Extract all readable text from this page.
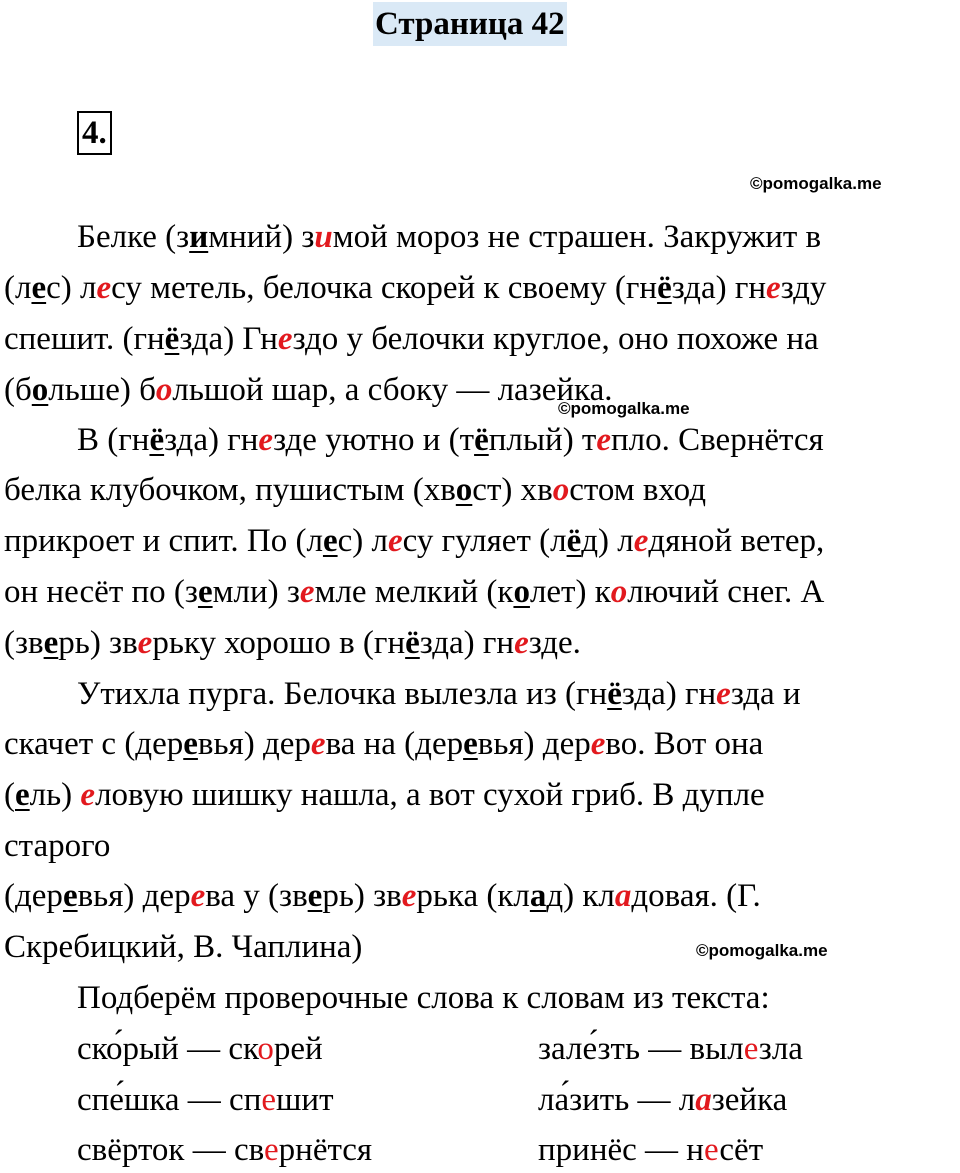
Страница 42
4.
©pomogalka.me
©pomogalka.me
©pomogalka.me
Белке (зимний) зимой мороз не страшен. Закружит в
(лес) лесу метель, белочка скорей к своему (гнёзда) гнезду
спешит. (гнёзда) Гнездо у белочки круглое, оно похоже на
(больше) большой шар, а сбоку — лазейка.
В (гнёзда) гнезде уютно и (тёплый) тепло. Свернётся
белка клубочком, пушистым (хвост) хвостом вход
прикроет и спит. По (лес) лесу гуляет (лёд) ледяной ветер,
он несёт по (земли) земле мелкий (колет) колючий снег. А
(зверь) зверьку хорошо в (гнёзда) гнезде.
Утихла пурга. Белочка вылезла из (гнёзда) гнезда и
скачет с (деревья) дерева на (деревья) дерево. Вот она
(ель) еловую шишку нашла, а вот сухой гриб. В дупле
старого
(деревья) дерева у (зверь) зверька (клад) кладовая. (Г.
Скребицкий, В. Чаплина)
Подберём проверочные слова к словам из текста:
ско́рый — скорей
спе́шка — спешит
свёрток — свернётся
зале́зть — вылезла
ла́зить — лазейка
принёс — несёт
